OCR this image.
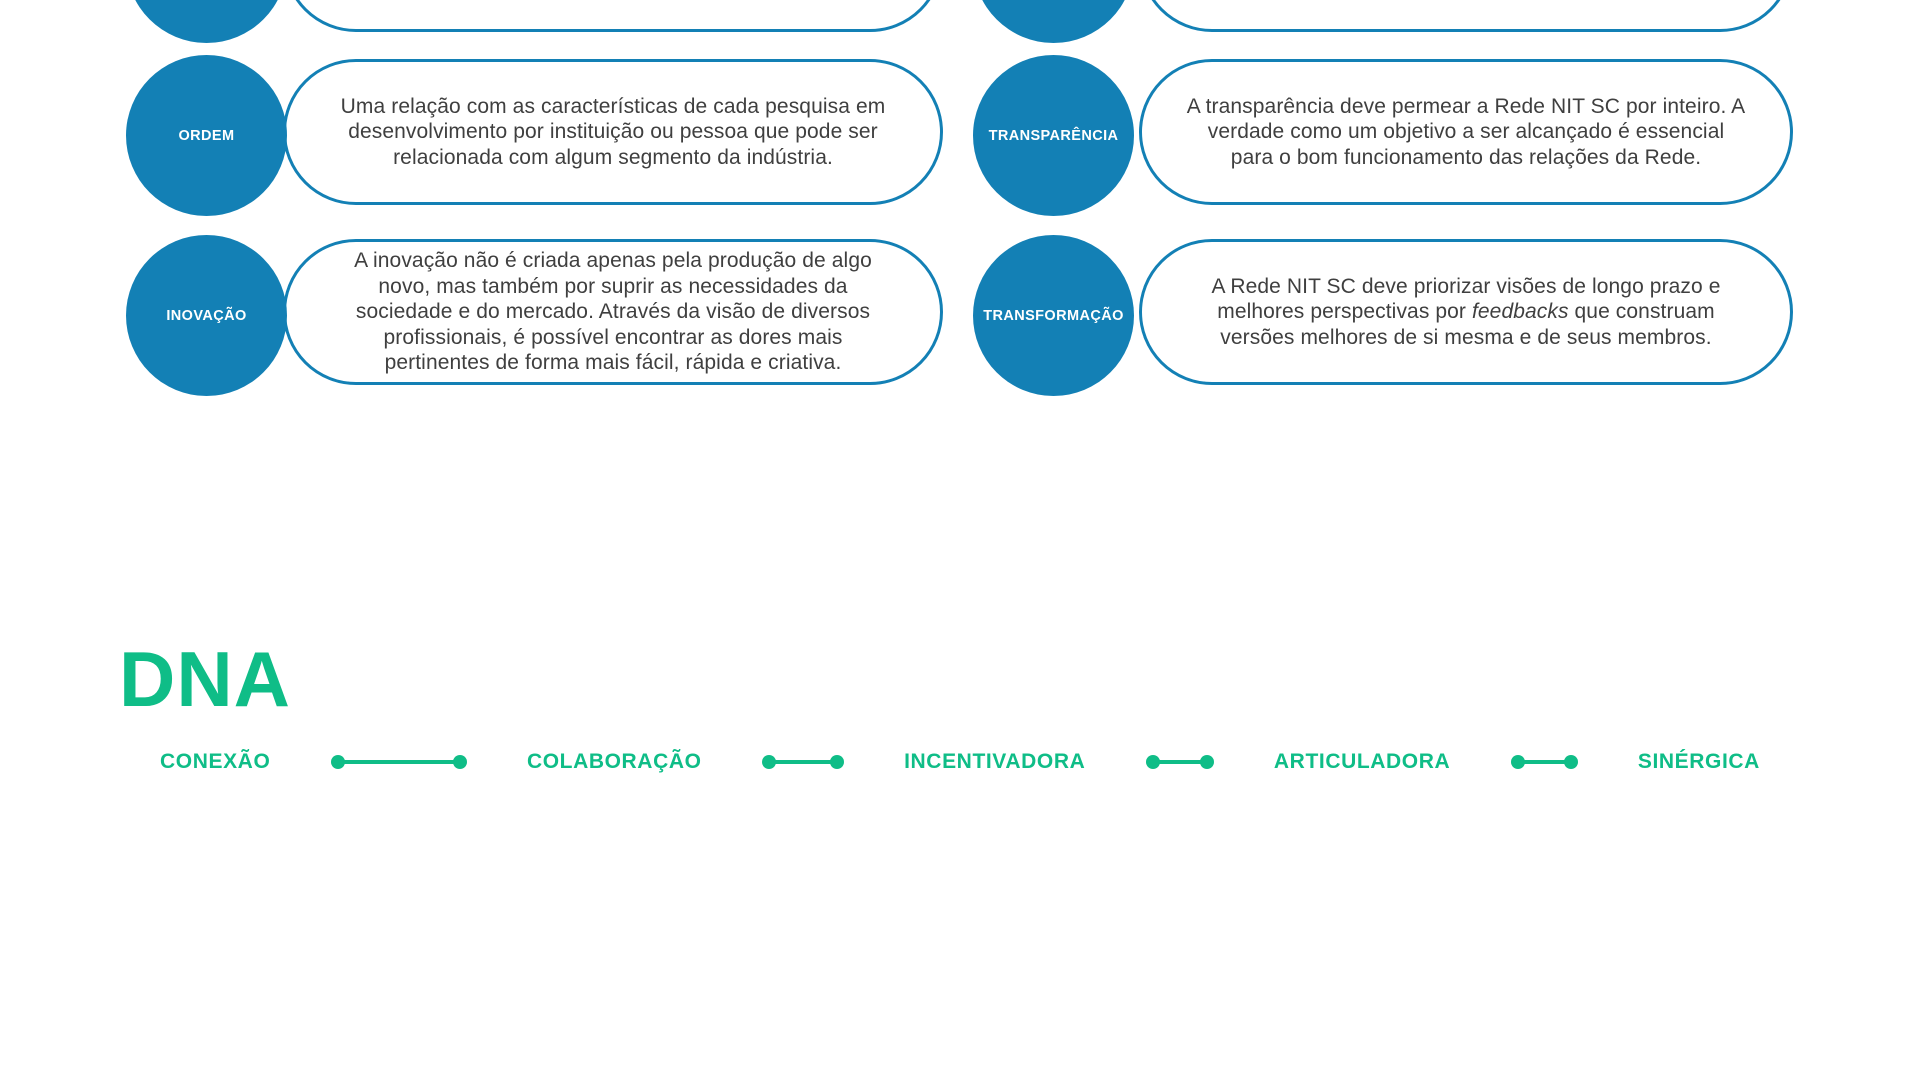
Uma relação com as características de cada pesquisa em desenvolvimento por instituição ou pessoa que pode ser relacionada com algum segmento da indústria.

ORDEM

A inovação não é criada apenas pela produção de algo novo, mas também por suprir as necessidades da sociedade e do mercado. Através da visão de diversos profissionais, é possível encontrar as dores mais pertinentes de forma mais fácil, rápida e criativa.

INOVAÇÃO

A transparência deve permear a Rede NIT SC por inteiro. A verdade como um objetivo a ser alcançado é essencial para o bom funcionamento das relações da Rede.

TRANSPARÊNCIA

A Rede NIT SC deve priorizar visões de longo prazo e melhores perspectivas por feedbacks que construam versões melhores de si mesma e de seus membros.

TRANSFORMAÇÃO
DNA
CONEXÃO	COLABORAÇÃO	INCENTIVADORA	ARTICULADORA	SINÉRGICA
